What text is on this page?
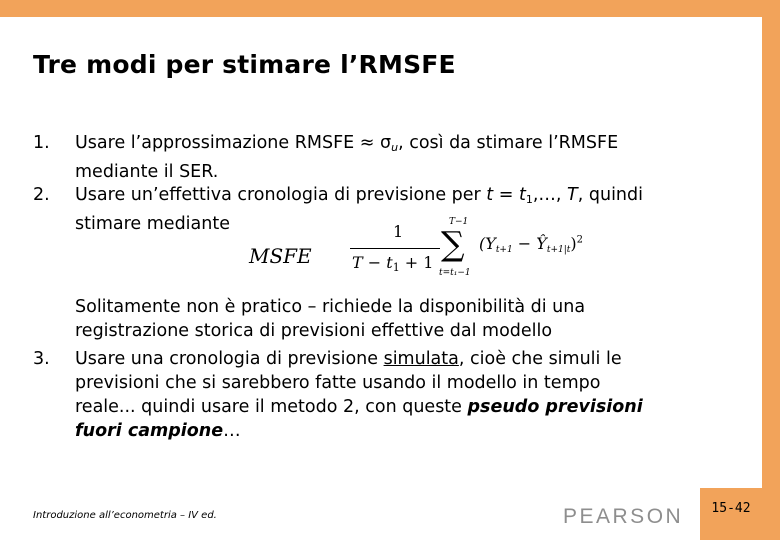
Tre modi per stimare l’RMSFE
1. Usare l’approssimazione RMSFE ≈ $\sigma_u$, così da stimare l’RMSFE
mediante il SER.
2. Usare un’effettiva cronologia di previsione per $t = t_1,\dots$, T, quindi
stimare mediante
MSFE
1
$T - t_1 + 1$
T−1
∑
t=t₁−1
($Y_{t+1}$ − $Ŷ_{t+1|t})^2$
Solitamente non è pratico – richiede la disponibilità di una
registrazione storica di previsioni effettive dal modello
3. Usare una cronologia di previsione simulata, cioè che simuli le
previsioni che si sarebbero fatte usando il modello in tempo
reale... quindi usare il metodo 2, con queste pseudo previsioni
fuori campione…
Introduzione all’econometria – IV ed.	PEARSON	15-42
